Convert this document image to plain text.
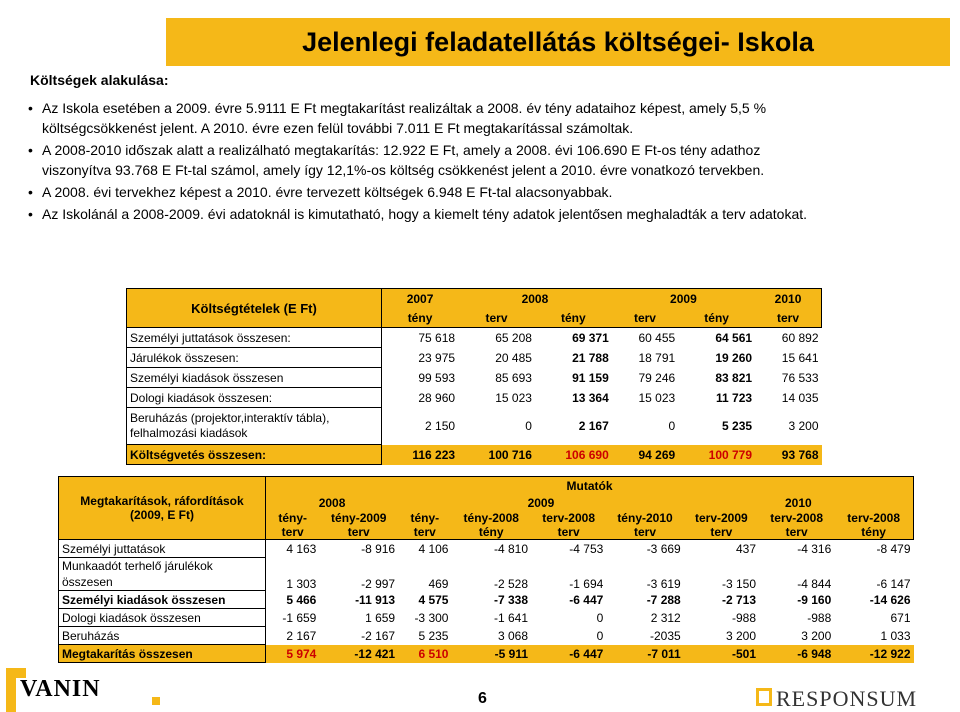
Jelenlegi feladatellátás költségei- Iskola
Költségek alakulása:
• Az Iskola esetében a 2009. évre 5.9111 E Ft megtakarítást realizáltak a 2008. év tény adataihoz képest, amely 5,5 %
költségcsökkenést jelent. A 2010. évre ezen felül további 7.011 E Ft megtakarítással számoltak.
• A 2008-2010 időszak alatt a realizálható megtakarítás: 12.922 E Ft, amely a 2008. évi 106.690 E Ft-os tény adathoz
viszonyítva 93.768 E Ft-tal számol, amely így 12,1%-os költség csökkenést jelent a 2010. évre vonatkozó tervekben.
• A 2008. évi tervekhez képest a 2010. évre tervezett költségek 6.948 E Ft-tal alacsonyabbak.
• Az Iskolánál a 2008-2009. évi adatoknál is kimutatható, hogy a kiemelt tény adatok jelentősen meghaladták a terv adatokat.
Költségtételek (E Ft)	2007	2008		2009		2010
	tény	terv	tény	terv	tény	terv
Személyi juttatások összesen:	75 618	65 208	69 371	60 455	64 561	60 892
Járulékok összesen:	23 975	20 485	21 788	18 791	19 260	15 641
Személyi kiadások összesen	99 593	85 693	91 159	79 246	83 821	76 533
Dologi kiadások összesen:	28 960	15 023	13 364	15 023	11 723	14 035
Beruházás (projektor,interaktív tábla), felhalmozási kiadások	2 150	0	2 167	0	5 235	3 200
Költségvetés összesen:	116 223	100 716	106 690	94 269	100 779	93 768
Megtakarítások, ráfordítások (2009, E Ft)	Mutatók								
	2008		2009				2010		
	tény-terv	tény-2009 terv	tény-terv	tény-2008 tény	terv-2008 terv	tény-2010 terv	terv-2009 terv	terv-2008 terv	terv-2008 tény
Személyi juttatások	4 163	-8 916	4 106	-4 810	-4 753	-3 669	437	-4 316	-8 479
Munkaadót terhelő járulékok összesen	1 303	-2 997	469	-2 528	-1 694	-3 619	-3 150	-4 844	-6 147
Személyi kiadások összesen	5 466	-11 913	4 575	-7 338	-6 447	-7 288	-2 713	-9 160	-14 626
Dologi kiadások összesen	-1 659	1 659	-3 300	-1 641	0	2 312	-988	-988	671
Beruházás	2 167	-2 167	5 235	3 068	0	-2035	3 200	3 200	1 033
Megtakarítás összesen	5 974	-12 421	6 510	-5 911	-6 447	-7 011	-501	-6 948	-12 922
VANIN	6	RESPONSUM
